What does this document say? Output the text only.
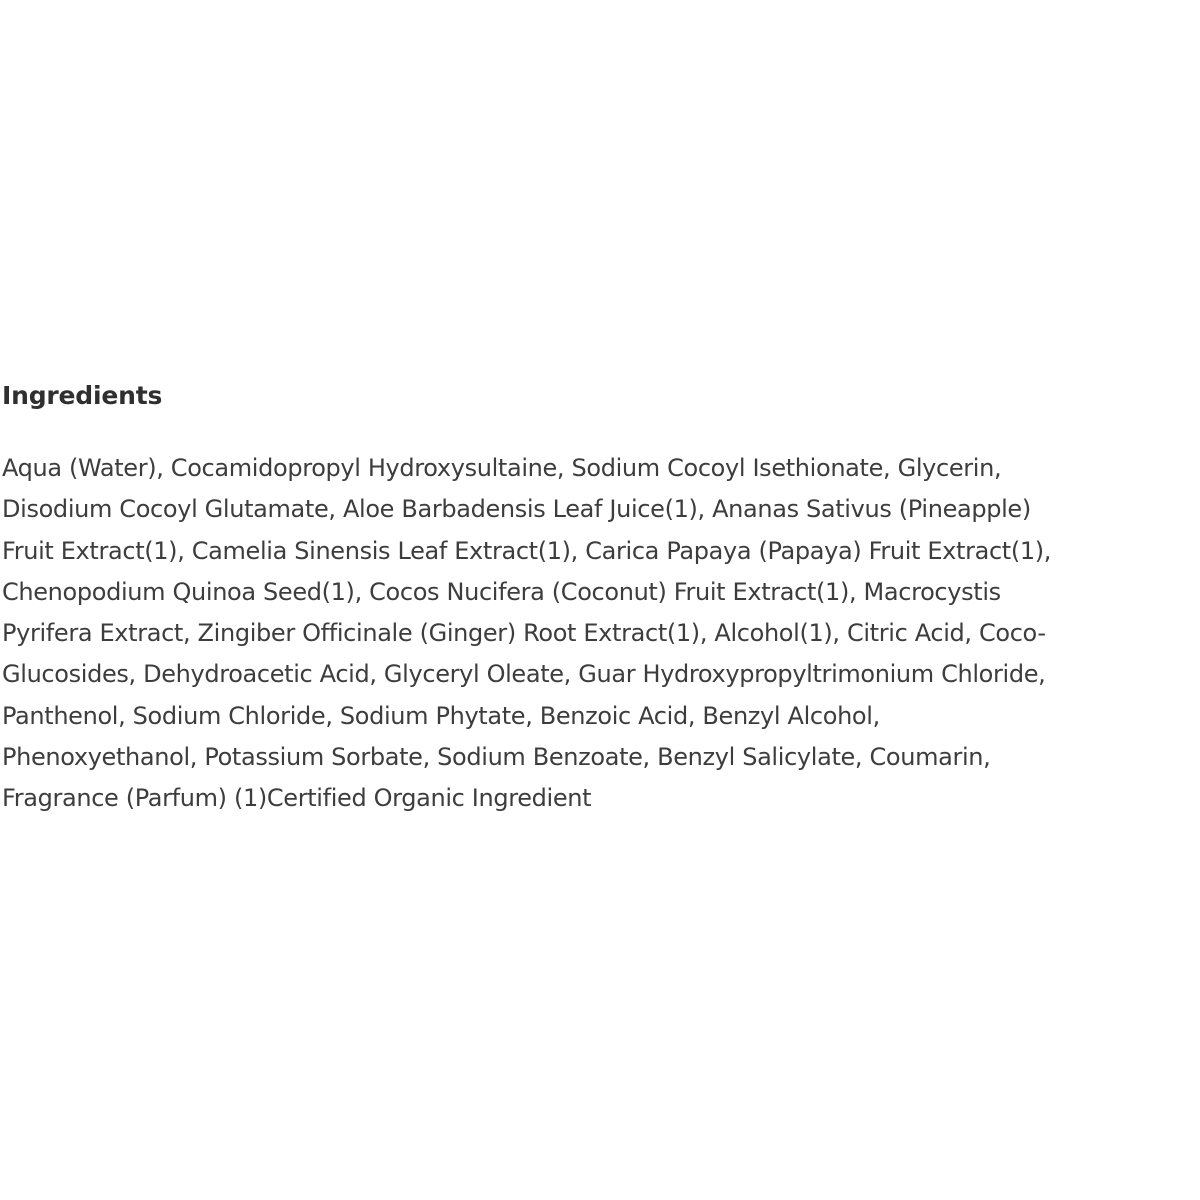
Ingredients

Aqua (Water), Cocamidopropyl Hydroxysultaine, Sodium Cocoyl Isethionate, Glycerin,
Disodium Cocoyl Glutamate, Aloe Barbadensis Leaf Juice(1), Ananas Sativus (Pineapple)
Fruit Extract(1), Camelia Sinensis Leaf Extract(1), Carica Papaya (Papaya) Fruit Extract(1),
Chenopodium Quinoa Seed(1), Cocos Nucifera (Coconut) Fruit Extract(1), Macrocystis
Pyrifera Extract, Zingiber Officinale (Ginger) Root Extract(1), Alcohol(1), Citric Acid, Coco-
Glucosides, Dehydroacetic Acid, Glyceryl Oleate, Guar Hydroxypropyltrimonium Chloride,
Panthenol, Sodium Chloride, Sodium Phytate, Benzoic Acid, Benzyl Alcohol,
Phenoxyethanol, Potassium Sorbate, Sodium Benzoate, Benzyl Salicylate, Coumarin,
Fragrance (Parfum) (1)Certified Organic Ingredient
